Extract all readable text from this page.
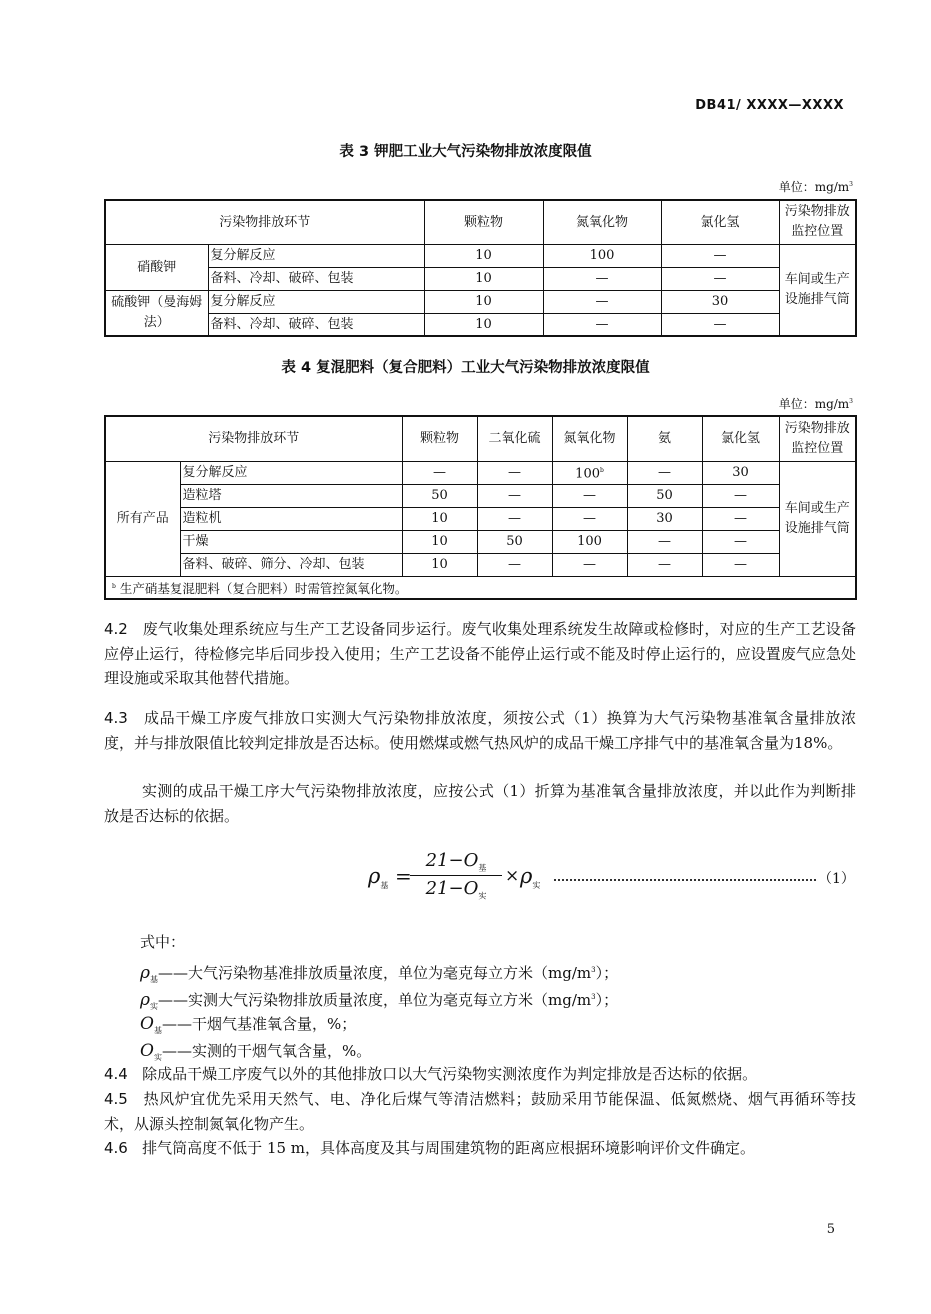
DB41/ XXXX—XXXX
表 3 钾肥工业大气污染物排放浓度限值
单位：$mg/m^3$
污染物排放环节		颗粒物	氮氧化物	氯化氢	污染物排放监控位置
硝酸钾	复分解反应	10	100	—	车间或生产设施排气筒
	备料、冷却、破碎、包装	10	—	—	
硫酸钾（曼海姆法）	复分解反应	10	—	30	
	备料、冷却、破碎、包装	10	—	—	
表 4 复混肥料（复合肥料）工业大气污染物排放浓度限值
单位：$mg/m^3$
污染物排放环节		颗粒物	二氧化硫	氮氧化物	氨	氯化氢	污染物排放监控位置
所有产品	复分解反应	—	—	100$^b$	—	30	车间或生产设施排气筒
	造粒塔	50	—	—	50	—	
	造粒机	10	—	—	30	—	
	干燥	10	50	100	—	—	
	备料、破碎、筛分、冷却、包装	10	—	—	—	—	
$^b$ 生产硝基复混肥料（复合肥料）时需管控氮氧化物。							
4.2 废气收集处理系统应与生产工艺设备同步运行。废气收集处理系统发生故障或检修时，对应的生产工艺设备应停止运行，待检修完毕后同步投入使用；生产工艺设备不能停止运行或不能及时停止运行的，应设置废气应急处理设施或采取其他替代措施。
4.3 成品干燥工序废气排放口实测大气污染物排放浓度，须按公式（1）换算为大气污染物基准氧含量排放浓度，并与排放限值比较判定排放是否达标。使用燃煤或燃气热风炉的成品干燥工序排气中的基准氧含量为18%。
实测的成品干燥工序大气污染物排放浓度，应按公式（1）折算为基准氧含量排放浓度，并以此作为判断排放是否达标的依据。
$\rho_基$ =
$21-O_基$
$21-O_实$
× $\rho_实$	（1）
式中：
$\rho_基——$大气污染物基准排放质量浓度，单位为毫克每立方米$(mg/m^3)$；
$\rho_实——$实测大气污染物排放质量浓度，单位为毫克每立方米$(mg/m^3)$；
$O_基——$干烟气基准氧含量，%；
$O_实——$实测的干烟气氧含量，%。
4.4 除成品干燥工序废气以外的其他排放口以大气污染物实测浓度作为判定排放是否达标的依据。
4.5 热风炉宜优先采用天然气、电、净化后煤气等清洁燃料；鼓励采用节能保温、低氮燃烧、烟气再循环等技术，从源头控制氮氧化物产生。
4.6 排气筒高度不低于 15 m，具体高度及其与周围建筑物的距离应根据环境影响评价文件确定。
5
